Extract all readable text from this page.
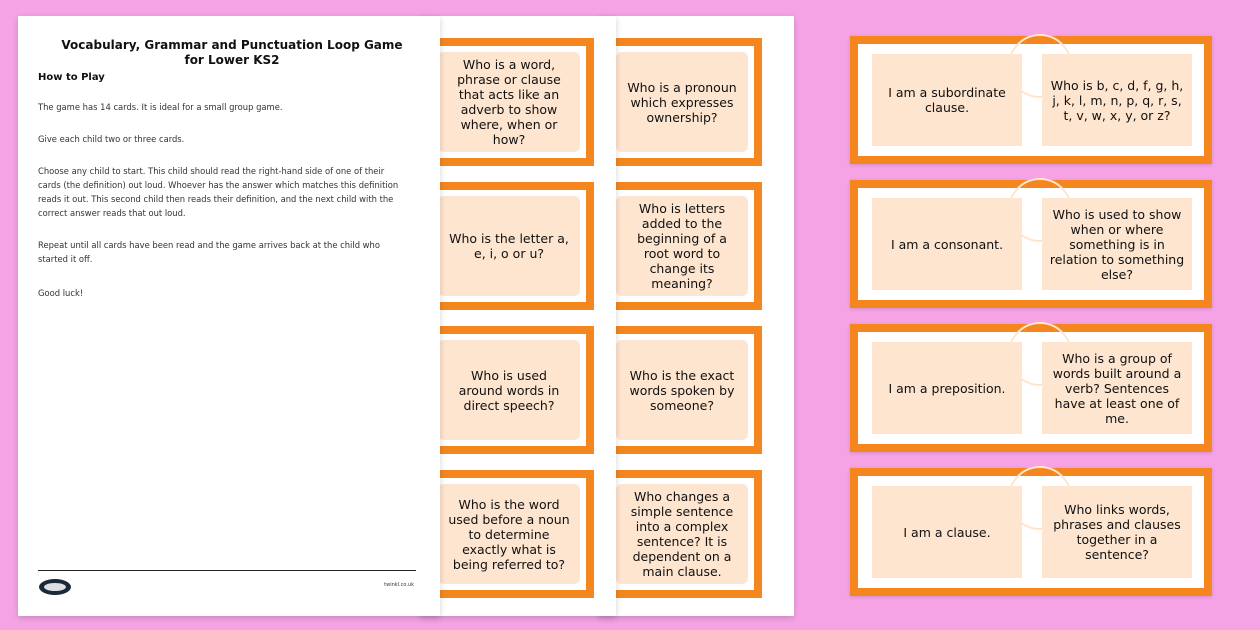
Who is a pronoun which expresses ownership?
Who is letters added to the beginning of a root word to change its meaning?
Who is the exact words spoken by someone?
Who changes a simple sentence into a complex sentence? It is dependent on a main clause.
Who is a word, phrase or clause that acts like an adverb to show where, when or how?
Who is the letter a, e, i, o or u?
Who is used around words in direct speech?
Who is the word used before a noun to determine exactly what is being referred to?
Vocabulary, Grammar and Punctuation Loop Game for Lower KS2
How to Play
The game has 14 cards. It is ideal for a small group game.
Give each child two or three cards.
Choose any child to start. This child should read the right-hand side of one of their cards (the definition) out loud. Whoever has the answer which matches this definition reads it out. This second child then reads their definition, and the next child with the correct answer reads that out loud.
Repeat until all cards have been read and the game arrives back at the child who started it off.
Good luck!
twinkl.co.uk
I am a subordinate clause.
Who is b, c, d, f, g, h, j, k, l, m, n, p, q, r, s, t, v, w, x, y, or z?
I am a consonant.
Who is used to show when or where something is in relation to something else?
I am a preposition.
Who is a group of words built around a verb? Sentences have at least one of me.
I am a clause.
Who links words, phrases and clauses together in a sentence?
